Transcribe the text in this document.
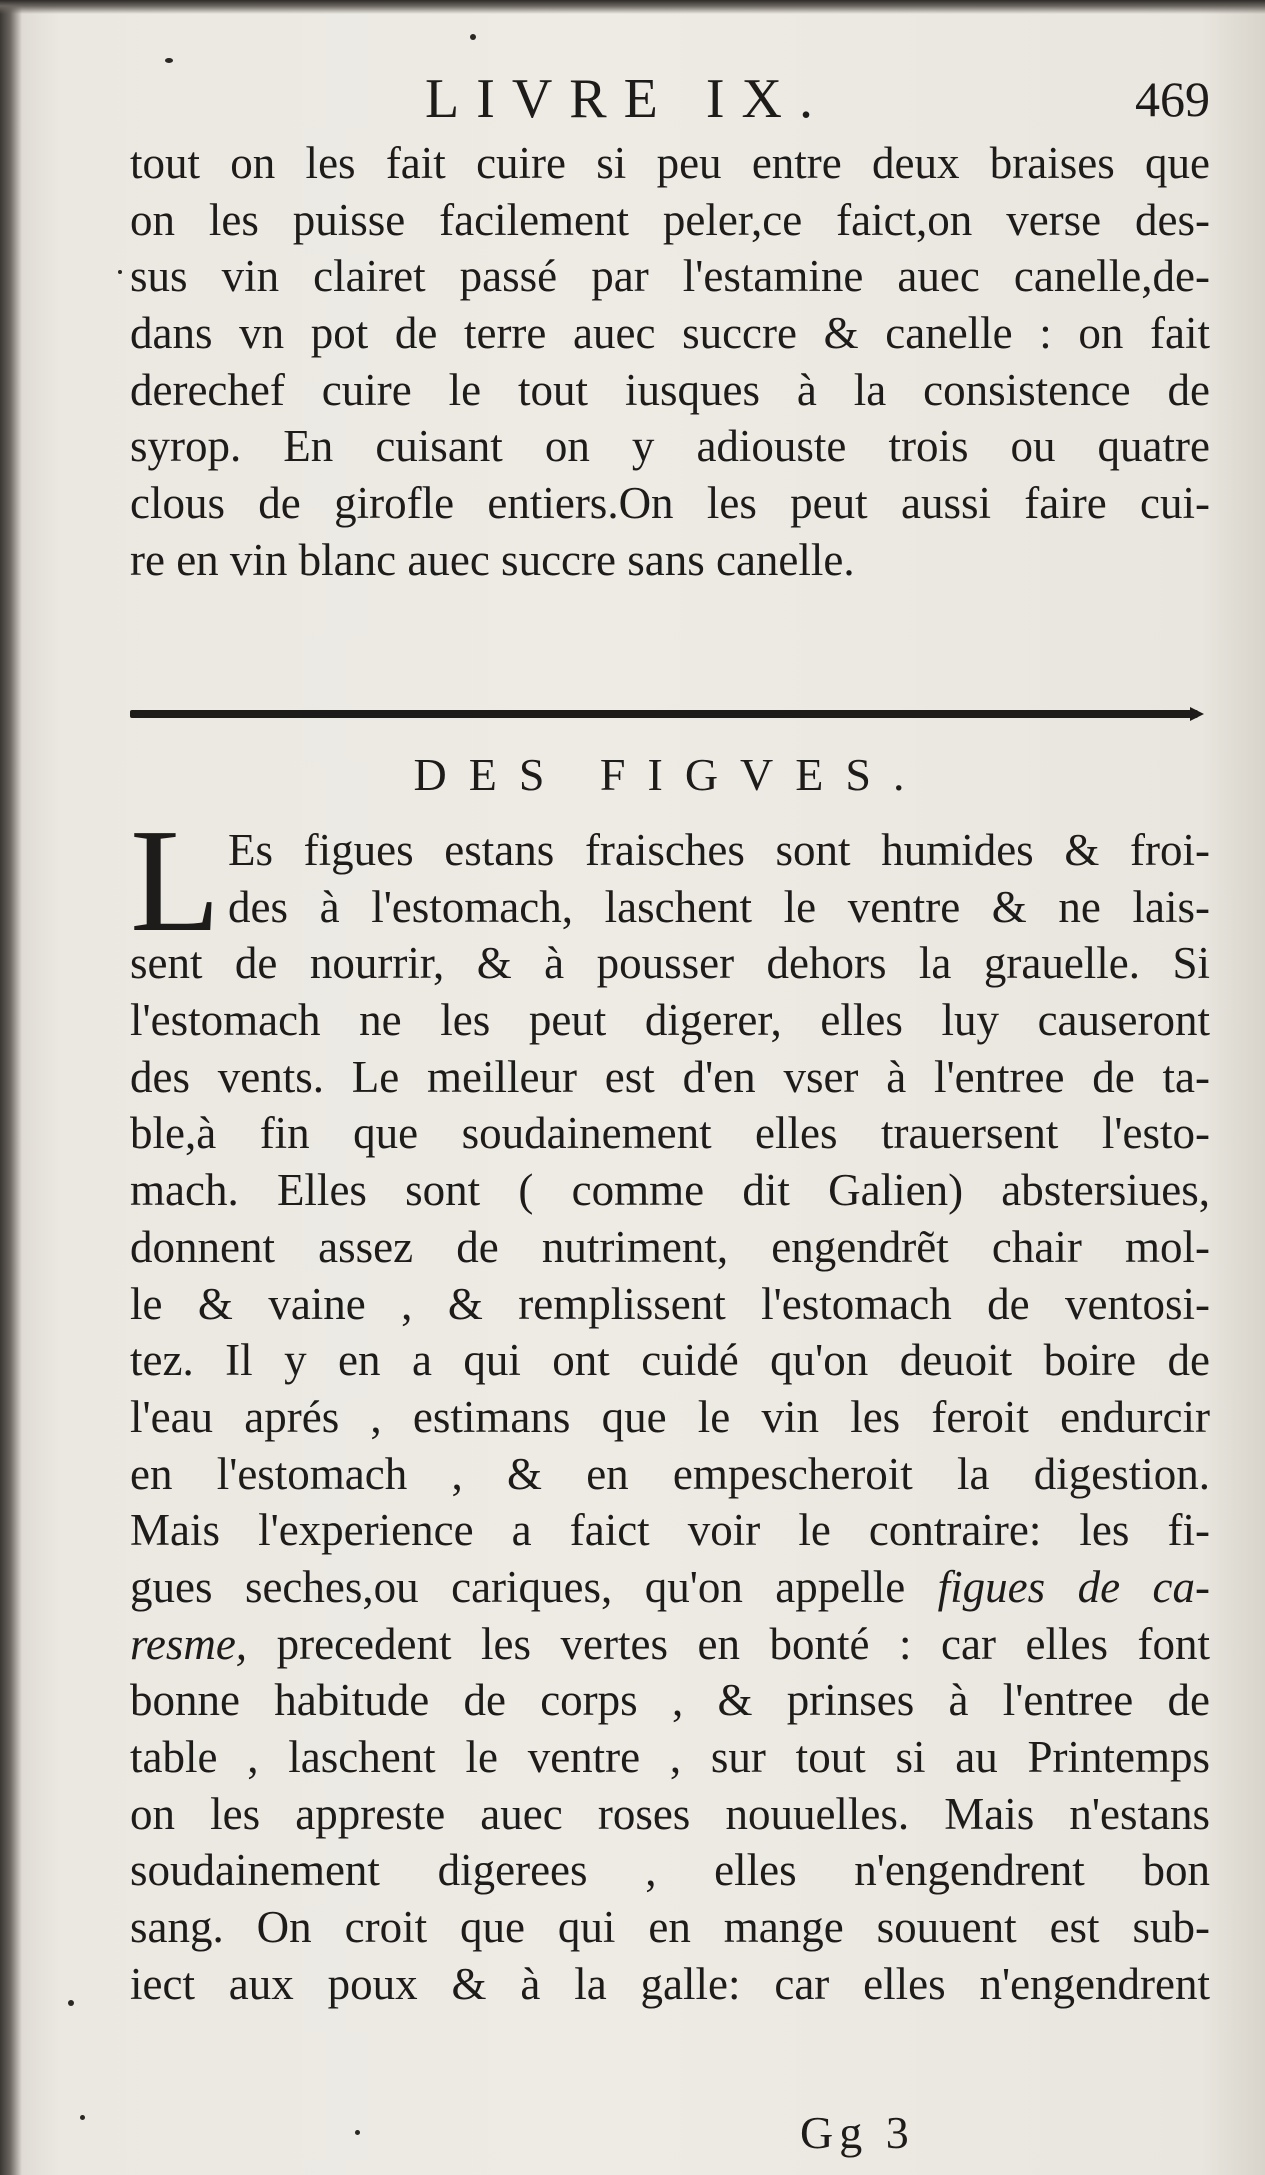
LIVRE IX.	469
tout on les fait cuire si peu entre deux braises que
on les puisse facilement peler,ce faict,on verse des-
sus vin clairet passé par l'estamine auec canelle,de-
dans vn pot de terre auec succre & canelle : on fait
derechef cuire le tout iusques à la consistence de
syrop. En cuisant on y adiouste trois ou quatre
clous de girofle entiers.On les peut aussi faire cui-
re en vin blanc auec succre sans canelle.
DES FIGVES.
L Es figues estans fraisches sont humides & froi-
des à l'estomach, laschent le ventre & ne lais-
sent de nourrir, & à pousser dehors la grauelle. Si
l'estomach ne les peut digerer, elles luy causeront
des vents. Le meilleur est d'en vser à l'entree de ta-
ble,à fin que soudainement elles trauersent l'esto-
mach. Elles sont ( comme dit Galien) abstersiues,
donnent assez de nutriment, engendrẽt chair mol-
le & vaine , & remplissent l'estomach de ventosi-
tez. Il y en a qui ont cuidé qu'on deuoit boire de
l'eau aprés , estimans que le vin les feroit endurcir
en l'estomach , & en empescheroit la digestion.
Mais l'experience a faict voir le contraire: les fi-
gues seches,ou cariques, qu'on appelle figues de ca-
resme, precedent les vertes en bonté : car elles font
bonne habitude de corps , & prinses à l'entree de
table , laschent le ventre , sur tout si au Printemps
on les appreste auec roses nouuelles. Mais n'estans
soudainement digerees , elles n'engendrent bon
sang. On croit que qui en mange souuent est sub-
iect aux poux & à la galle: car elles n'engendrent
Gg 3
